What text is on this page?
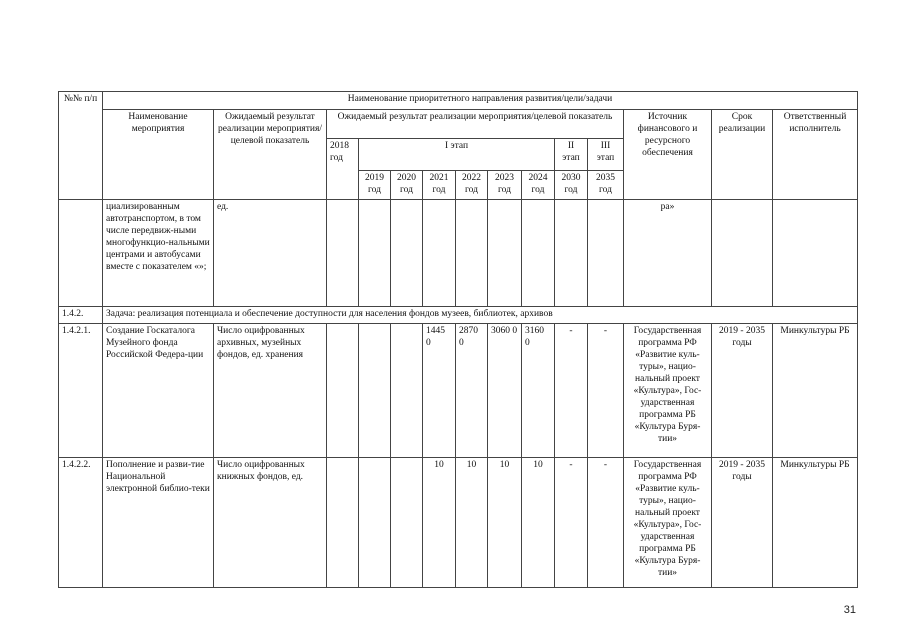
№№ п/п	Наименование приоритетного направления развития/цели/задачи													
	Наименование мероприятия	Ожидаемый результат реализации мероприятия/целевой показатель	Ожидаемый результат реализации мероприятия/целевой показатель									Источник финансового и ресурсного обеспечения	Срок реализации	Ответственный исполнитель
			2018 год	I этап						II этап	III этап			
				2019 год	2020 год	2021 год	2022 год	2023 год	2024 год	2030 год	2035 год			
	циализированным автотранспортом, в том числе передвиж-ными многофункцио-нальными центрами и автобусами вместе с показателем «»;	ед.										ра»		
1.4.2.	Задача: реализация потенциала и обеспечение доступности для населения фондов музеев, библиотек, архивов													
1.4.2.1.	Создание Госкаталога Музейного фонда Российской Федера-ции	Число оцифрованных архивных, музейных фондов, ед. хранения				1445 0	2870 0	3060 0	3160 0	-	-	Государственная программа РФ «Развитие куль-туры», нацио-нальный проект «Культура», Гос-ударственная программа РБ «Культура Буря-тии»	2019 - 2035 годы	Минкультуры РБ
1.4.2.2.	Пополнение и разви-тие Национальной электронной библио-теки	Число оцифрованных книжных фондов, ед.				10	10	10	10	-	-	Государственная программа РФ «Развитие куль-туры», нацио-нальный проект «Культура», Гос-ударственная программа РБ «Культура Буря-тии»	2019 - 2035 годы	Минкультуры РБ
31
